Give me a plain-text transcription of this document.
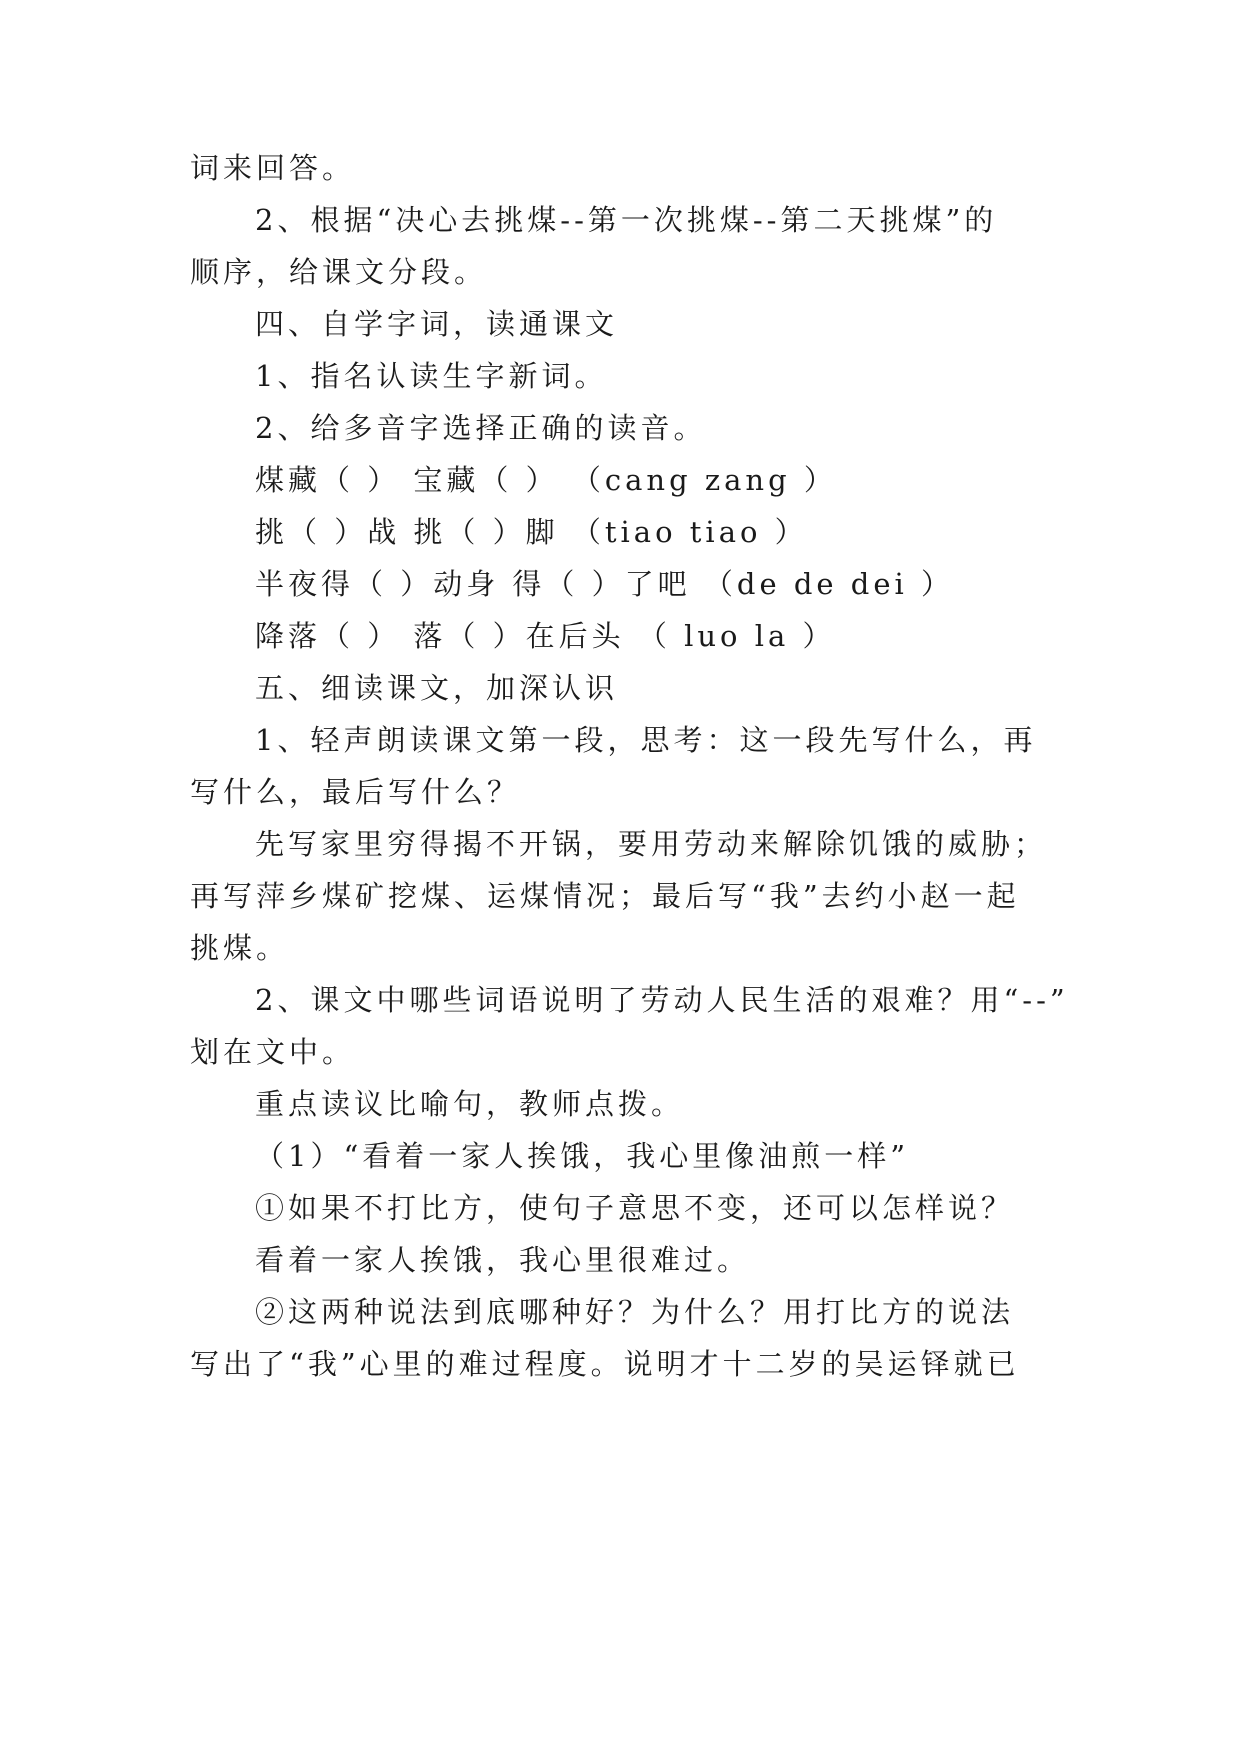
词来回答。
2、根据“决心去挑煤--第一次挑煤--第二天挑煤”的
顺序，给课文分段。
四、自学字词，读通课文
1、指名认读生字新词。
2、给多音字选择正确的读音。
煤藏（ ） 宝藏（ ） （cang zang ）
挑（ ）战 挑（ ）脚 （tiao tiao ）
半夜得（ ）动身 得（ ）了吧 （de de dei ）
降落（ ） 落（ ）在后头 （ luo la ）
五、细读课文，加深认识
1、轻声朗读课文第一段，思考：这一段先写什么，再
写什么，最后写什么？
先写家里穷得揭不开锅，要用劳动来解除饥饿的威胁；
再写萍乡煤矿挖煤、运煤情况；最后写“我”去约小赵一起
挑煤。
2、课文中哪些词语说明了劳动人民生活的艰难？用“--”
划在文中。
重点读议比喻句，教师点拨。
（1）“看着一家人挨饿，我心里像油煎一样”
①如果不打比方，使句子意思不变，还可以怎样说？
看着一家人挨饿，我心里很难过。
②这两种说法到底哪种好？为什么？用打比方的说法
写出了“我”心里的难过程度。说明才十二岁的吴运铎就已
